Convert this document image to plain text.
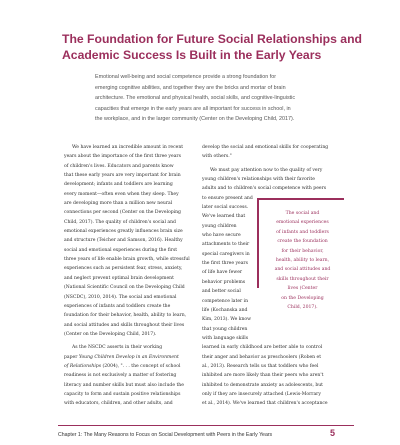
The Foundation for Future Social Relationships and
Academic Success Is Built in the Early Years
Emotional well-being and social competence provide a strong foundation for
emerging cognitive abilities, and together they are the bricks and mortar of brain
architecture. The emotional and physical health, social skills, and cognitive-linguistic
capacities that emerge in the early years are all important for success in school, in
the workplace, and in the larger community (Center on the Developing Child, 2017).
We have learned an incredible amount in recent
years about the importance of the first three years
of children's lives. Educators and parents know
that these early years are very important for brain
development; infants and toddlers are learning
every moment—often even when they sleep. They
are developing more than a million new neural
connections per second (Center on the Developing
Child, 2017). The quality of children's social and
emotional experiences greatly influences brain size
and structure (Teicher and Samson, 2016). Healthy
social and emotional experiences during the first
three years of life enable brain growth, while stressful
experiences such as persistent fear, stress, anxiety,
and neglect prevent optimal brain development
(National Scientific Council on the Developing Child
(NSCDC), 2010, 2014). The social and emotional
experiences of infants and toddlers create the
foundation for their behavior, health, ability to learn,
and social attitudes and skills throughout their lives
(Center on the Developing Child, 2017).
As the NSCDC asserts in their working
paper Young Children Develop in an Environment
of Relationships (2004), ". . . the concept of school
readiness is not exclusively a matter of fostering
literacy and number skills but must also include the
capacity to form and sustain positive relationships
with educators, children, and other adults, and
develop the social and emotional skills for cooperating
with others."
We must pay attention now to the quality of very
young children's relationships with their favorite
adults and to children's social competence with peers
to ensure present and
later social success.
We've learned that
young children
who have secure
attachments to their
special caregivers in
the first three years
of life have fewer
behavior problems
and better social
competence later in
life (Kochanska and
Kim, 2013). We know
that young children
with language skills
learned in early childhood are better able to control
their anger and behavior as preschoolers (Roben et
al., 2013). Research tells us that toddlers who feel
inhibited are more likely than their peers who aren't
inhibited to demonstrate anxiety as adolescents, but
only if they are insecurely attached (Lewis-Morrary
et al., 2014). We've learned that children's acceptance
The social and
emotional experiences
of infants and toddlers
create the foundation
for their behavior,
health, ability to learn,
and social attitudes and
skills throughout their
lives (Center
on the Developing
Child, 2017).
Chapter 1: The Many Reasons to Focus on Social Development with Peers in the Early Years	5
